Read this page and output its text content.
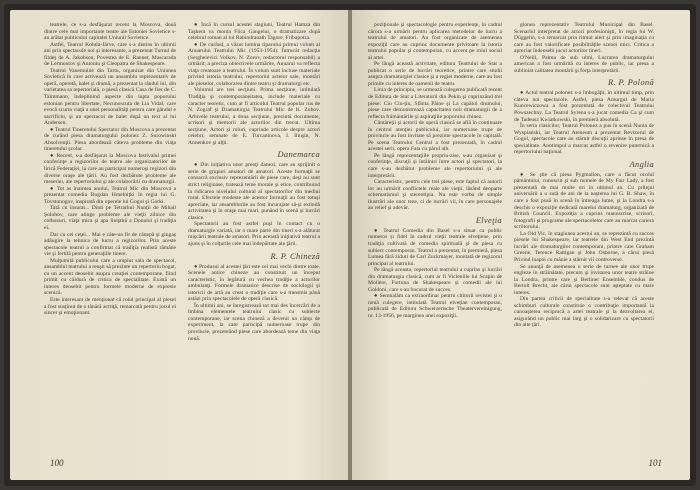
teatrele, ce s-a desfăşurat recent la Moscova, două dintre cele mai importante teatre ale Estoniei Sovietice s-au arătat publicului capitalei Uniunii Sovietice.

Astfel, Teatrul Kohtla-Järve, care s-a distins în ultimii ani prin spectacole noi şi interesante, a prezentat Turnul de fildeş de A. Jakobson, Povestea de E. Rannet, Mascarada de Lermontov şi Antoniu şi Cleopatra de Shakespeare.

Teatrul Vanemuine din Tartu, organizat din Uniunea Sovietică în care activează un ansamblu reprezentativ de operă, operetă, balet şi dramă, a prezentat la rândul lui, din varietatea sa repertorială, o piesă clasică Casa de fier de C. Taimmann, îndeplinind aspecte din lupta poporului estonian pentru libertate, Necunoscuta de Lia Vidal, care evocă scurta viaţă a unei personalităţi pentru care gândul e sacrificiu, şi un spectacol de balet după un text al lui Andersen.

● Teatrul Tineretului Spectator din Moscova a prezentat de curând piesa dramaturgului polonez Z. Surowinski Absolvenţii. Piesa abordează câteva probleme din viaţa tineretului şcolar.

● Recent, s-a desfăşurat la Moscova festivalul primei conferinţe a regizorilor de teatru ale organizatorilor de lirică Federaţiei, la care au participat numeroşi regizori din diverse oraşe ale ţării. Au fost dezbătute probleme ale meseriei, ale repertoriului şi ale colaborării cu dramaturgii.

● Tot as înaintea anului, Teatrul Mic din Moscova a prezentat comedia Bogdan Hmelniţki în regia lui G. Tovstonogov, inspirată din operele lui Gogol şi Gorki.

Tată cu insurat... Dinti pe Tetrarhul Nunţii de Mihail Şolohov, care atinge probleme ale vieţii zilnice din colhozuri, viaţa mica şi apa liniştită a Donului şi tradiţia ei.

Dar cu cei ceţei... Mai e câte-un fir de cânepă şi gingaş adăugire la tehnica de lucru a regizorilor. Prin aceste spectacole teatrul a confirmat că tradiţia realistă rămâne vie şi fertilă pentru generaţiile tinere.

Mulţumită publicului care a umplut sala de spectacol, ansamblul teatrului a reuşit să prezinte un repertoriu bogat, cu un accent deosebit asupra creaţiei contemporane, fiind primit cu căldură de critica de specialitate. Există un interes deosebit pentru formele moderne de expresie scenică.

Este interesant de menţionat că rolul principal al piesei a fost susţinut de o tânără actriţă, remarcată pentru jocul ei sincer şi emoţionant.

● Încă în cursul acestei stagiuni, Teatrul Hamza din Taşkent va monta Fiica Gangelui, o dramatizare după celebrul roman al lui Rabindranath Tagore, Fribapotra.

● De curând, a văzut lumina tiparului primul volum al Anuarului Teatrului Mic (1953-1954). Întrucât redacţia (Sergheievici Volkov, N. Zorov, redactorul responsabil) a urmărit, a preciza obiectivele urmărite, Anuarul va reflecta viaţa creatoare a teatrului. În volum sunt incluse materiale privind istoria teatrului, repertoriul actelor sale, montări ale pieselor, colaborarea dintre teatru şi dramaturgi etc.

Volumul are trei secţiuni. Prima secţiune, intitulată Tradiţia şi contemporaneitatea, include materiale cu caracter teoretic, cum ar fi articolul Teatrul popular rus de N. Zograf şi Dramaturgia Teatrului Mic de K. Zubov. Arhivele teatrului, a doua secţiune, prezintă documente, scrisori şi memorii ale actorilor din trecut. Ultima secţiune, Actori şi roluri, cuprinde articole despre actori celebri, semnate de E. Turcaninova, I. Iliuşin, N. Annenkov şi alţii.

Danemarca

● Din iniţiativa unor preoţi danezi, care au sprijinit o serie de grupuri amatori de amatori. Aceste formaţii se consacră exclusiv reprezentării de piese care, deşi nu sunt strict religioase, tratează teme morale şi etice, contribuind la ridicarea nivelului cultural al spectatorilor din mediul rural. Efectele modeste ale acestor formaţii au fost totuşi apreciate, iar ansamblurile au fost încurajate să-şi extindă activitatea şi în oraşe mai mari, punând în scenă şi lucrări clasice.

Spectatorii au fost astfel puşi în contact cu o dramaturgie variată, iar o mare parte din tineri s-a alăturat mişcării teatrale de amatori. Prin această iniţiativă teatrul a ajuns şi în colţurile cele mai îndepărtate ale ţării.

R. P. Chineză

● Produsul al acestei ţări este cel mai vechi dintre toate. Scenele antice chineze au constituit un început caracteristic, în legătură cu vechea tradiţie a actorilor ambulanţi. Formele dramatice descrise de sociologii şi istoricii de artă au creat o tradiţie care s-a transmis până astăzi prin spectacolele de operă clasică.

În ultimii ani, se înregistrează tot mai des încercări de a îmbina elementele teatrului clasic cu subiecte contemporane, iar scena chineză a devenit un câmp de experiment, la care participă numeroase trupe din provincie, prezentând piese care abordează teme din viaţa nouă.

100

poziţionale şi spectacologie pentru experienţe, în cadrul cărora s-a urmărit pentru aplicarea metodelor de lucru a teatrului de amatori. Au fost organizate de asemenea expoziţii care au cuprins documente privitoare la istoria teatrului popular şi contemporan, cu accent pe rolul social al artei.

Pe lângă această activitate, editura Teatrului de Stat a publicat o serie de lucrări teoretice, printre care studii asupra dramaturgiei clasice şi a regiei moderne, care au fost primite cu interes de oamenii de teatru.

Linia de principiu, se urmează culegerea publicată recent de Editura de Stat a Literaturii din Pekin şi cuprinzând trei piese: Ciu Ciu-ţin, Sfânta Pâine şi La capătul drumului, piese care demonstrează capacitatea noii dramaturgii de a reflecta frământările şi aspiraţiile poporului chinez.

Cântăreţii şi actorii de operă clasică se află în continuare în centrul atenţiei publicului, iar numeroase trupe de provincie au fost invitate să prezinte spectacole în capitală. Pe scena Teatrului Central a fost prezentată, în cadrul acestei serii, opera Fata cu părul alb.

Pe lângă reprezentaţiile propriu-zise, s-au organizat şi conferinţe, discuţii şi întâlniri între actori şi spectatori, la care s-au dezbătut probleme ale repertoriului şi ale interpretării.

Caracteristic, pentru cele trei piese, este faptul că autorii lor au urmărit conflictele reale ale vieţii, lăsând deoparte schematismul şi stereotipia. Nu este vorba de simple ilustrări ale unor teze, ci de lucrări vii, în care personajele au relief şi adevăr.

Elveţia

● Teatrul Comedia din Basel s-a situat ca public numeros şi fidel în cadrul vieţii teatrale elveţiene, prin tradiţia cultivată de comedia spirituală şi de piesa cu subiect contemporan. Teatrul a prezentat, în premieră, piesa Lumea fără ziduri de Carl Zuckmayer, montată de regizorul principal al teatrului.

Pe lângă aceasta, repertoriul teatrului a cuprins şi lucrări din dramaturgia clasică, cum ar fi Vicleniile lui Scapin de Molière, Furtuna de Shakespeare şi comedii ale lui Goldoni, care s-au bucurat de succes.

● Semnalăm ca extraordinar pentru cititorii revistei şi o nouă culegere, intitulată Teatrul elveţian contemporan, publicată de Editura Schweizerische Theatervereinigung, nr. 13-1956, pe marginea unei expoziţii.

gionea reprezentativ Teatrului Municipal din Basel. Scenariul interpretat de actori profesionişti, în regia lui W. Düggelin, s-a remarcat prin ritmul alert şi prin imaginaţia cu care au fost valorificate posibilităţile scenei mici. Critica a apreciat îndeosebi jocul actorilor tineri.

O'Neill, Palma de sub ulmi, Lucrarea dramaturgului american a fost urmărită cu interes de public, iar presa a subliniat calitatea montării şi forţa interpretării.

R. P. Polonă

● Actul teatral polonez s-a îmbogăţit, în ultimul timp, prin câteva noi spectacole. Astfel, piesa Amurgul de Maria Kuncewiczowa a fost prezentată de colectivul Teatrului Powszechny. La Teatrul Syrena s-a jucat comedia Ca şi cum de Tadeusz Kwiatkowski, în premieră absolută.

În seria clasicilor, Teatrul Polonez a pus în scenă Nunta de Wyspiański, iar Teatrul Ateneum a prezentat Revizorul de Gogol, spectacole care au stârnit discuţii aprinse în presa de specialitate. Anotimpul a marcat astfel o revenire puternică a repertoriului naţional.

Anglia

● Se ştie că piesa Pygmalion, care a făcut ocolul pământului, cunoscut şi sub numele de My Fair Lady, a fost prezentată de mai multe ori în ultimul an. Cu prilejul aniversării a o sută de ani de la naşterea lui G. B. Shaw, în care a fost pusă în scenă în întreaga lume, şi la Londra s-a deschis o expoziţie dedicată marelui dramaturg, organizată de British Council. Expoziţia a cuprins manuscrise, scrisori, fotografii şi programe ale spectacolelor care au marcat cariera scriitorului.

La Old Vic, în stagiunea acestui an, se reprezintă cu succes piesele lui Shakespeare, iar teatrele din West End prezintă lucrări ale dramaturgilor contemporani, printre care Graham Greene, Terence Rattigan şi John Osborne, a cărui piesă Privind înapoi cu mânie a stârnit vii controverse.

Se anunţă de asemenea o serie de turnee ale unor trupe engleze în străinătate, precum şi invitarea unor teatre străine la Londra, printre care şi Berliner Ensemble, condus de Bertolt Brecht, ale cărui spectacole sunt aşteptate cu mare interes.

Din partea criticii de specialitate s-a relevat că aceste schimburi culturale constituie o contribuţie importantă la cunoaşterea reciprocă a artei teatrale şi la dezvoltarea ei, asigurând un public mai larg şi o solidarizare cu spectatorii din alte ţări.

101
